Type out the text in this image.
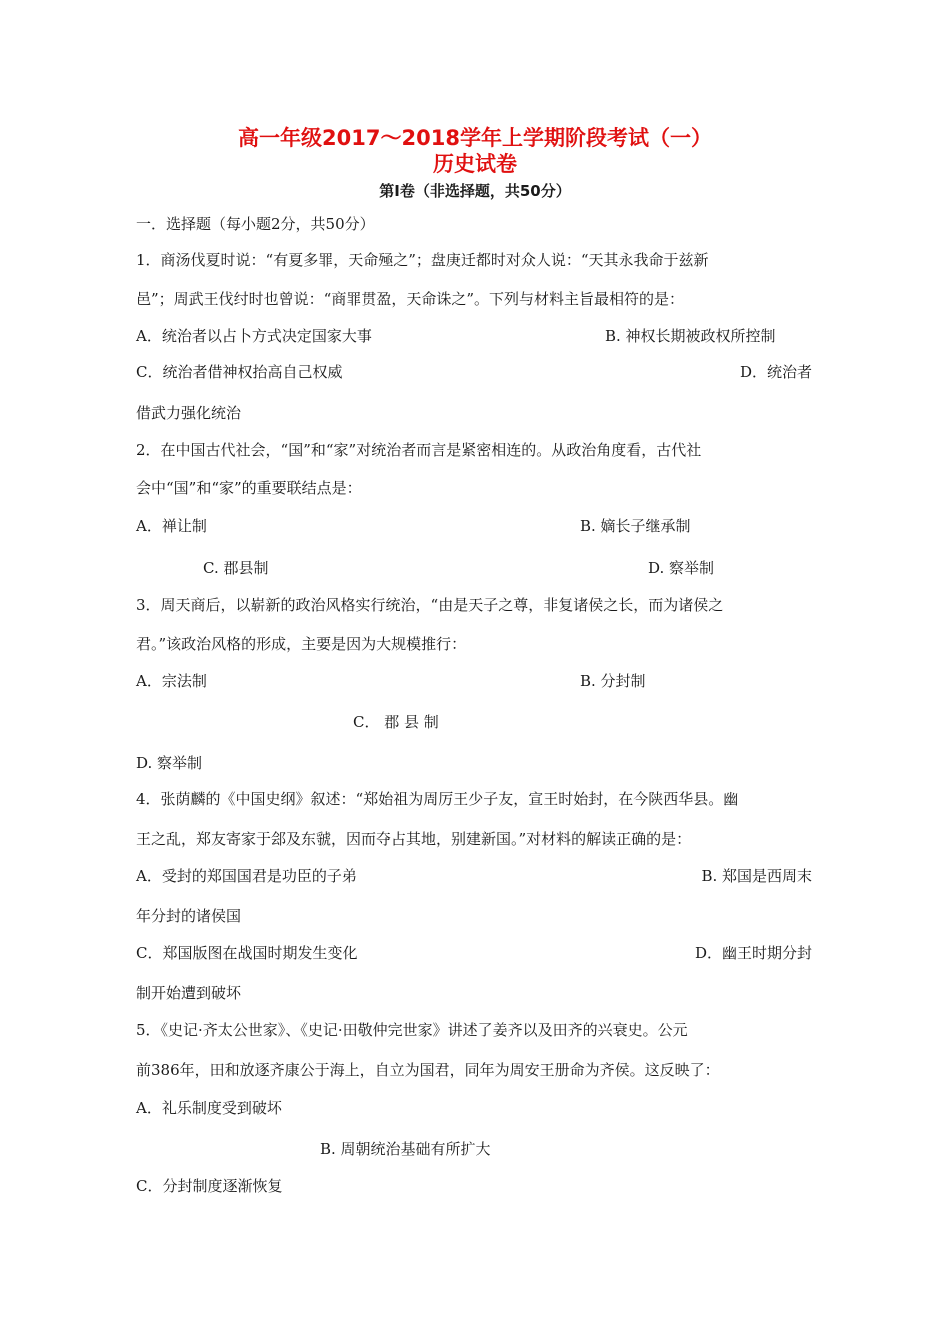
高一年级2017～2018学年上学期阶段考试（一）
历史试卷
第Ⅰ卷（非选择题，共50分）
一．选择题（每小题2分，共50分）
1．商汤伐夏时说：“有夏多罪，天命殛之”；盘庚迁都时对众人说：“天其永我命于兹新
邑”；周武王伐纣时也曾说：“商罪贯盈，天命诛之”。下列与材料主旨最相符的是：
A．统治者以占卜方式决定国家大事	B. 神权长期被政权所控制
C．统治者借神权抬高自己权威	D．统治者
借武力强化统治
2．在中国古代社会，“国”和“家”对统治者而言是紧密相连的。从政治角度看，古代社
会中“国”和“家”的重要联结点是：
A．禅让制	B. 嫡长子继承制
C. 郡县制	D. 察举制
3．周天商后，以崭新的政治风格实行统治，“由是天子之尊，非复诸侯之长，而为诸侯之
君。”该政治风格的形成，主要是因为大规模推行：
A．宗法制	B. 分封制
C． 郡 县 制
D. 察举制
4．张荫麟的《中国史纲》叙述：“郑始祖为周厉王少子友，宣王时始封，在今陕西华县。幽
王之乱，郑友寄家于郐及东虢，因而夺占其地，别建新国。”对材料的解读正确的是：
A．受封的郑国国君是功臣的子弟	B. 郑国是西周末
年分封的诸侯国
C．郑国版图在战国时期发生变化	D．幽王时期分封
制开始遭到破坏
5．《史记·齐太公世家》、《史记·田敬仲完世家》讲述了姜齐以及田齐的兴衰史。公元
前386年，田和放逐齐康公于海上，自立为国君，同年为周安王册命为齐侯。这反映了：
A．礼乐制度受到破坏
B. 周朝统治基础有所扩大
C．分封制度逐渐恢复
